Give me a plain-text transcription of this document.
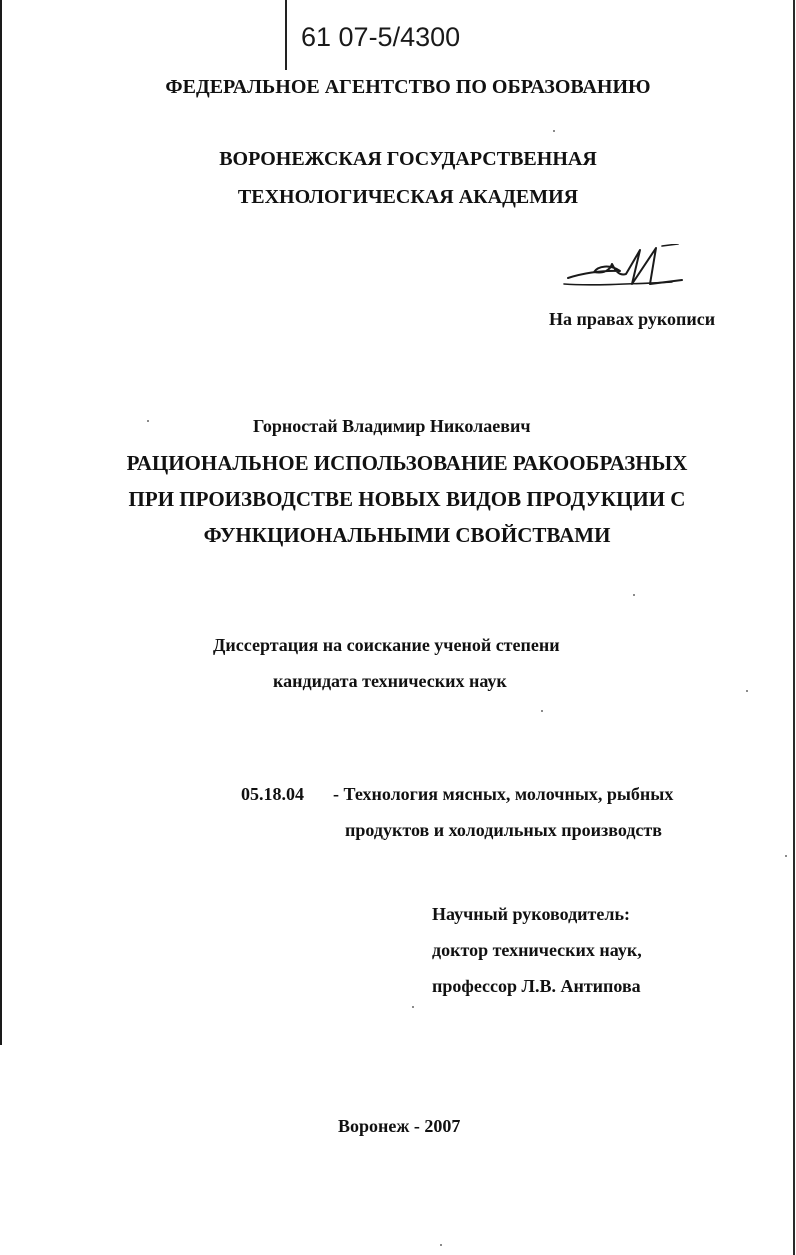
61 07-5/4300
ФЕДЕРАЛЬНОЕ АГЕНТСТВО ПО ОБРАЗОВАНИЮ
ВОРОНЕЖСКАЯ ГОСУДАРСТВЕННАЯ
ТЕХНОЛОГИЧЕСКАЯ АКАДЕМИЯ
На правах рукописи
Горностай Владимир Николаевич
РАЦИОНАЛЬНОЕ ИСПОЛЬЗОВАНИЕ РАКООБРАЗНЫХ
ПРИ ПРОИЗВОДСТВЕ НОВЫХ ВИДОВ ПРОДУКЦИИ С
ФУНКЦИОНАЛЬНЫМИ СВОЙСТВАМИ
Диссертация на соискание ученой степени
кандидата технических наук
05.18.04 - Технология мясных, молочных, рыбных
продуктов и холодильных производств
Научный руководитель:
доктор технических наук,
профессор Л.В. Антипова
Воронеж - 2007
